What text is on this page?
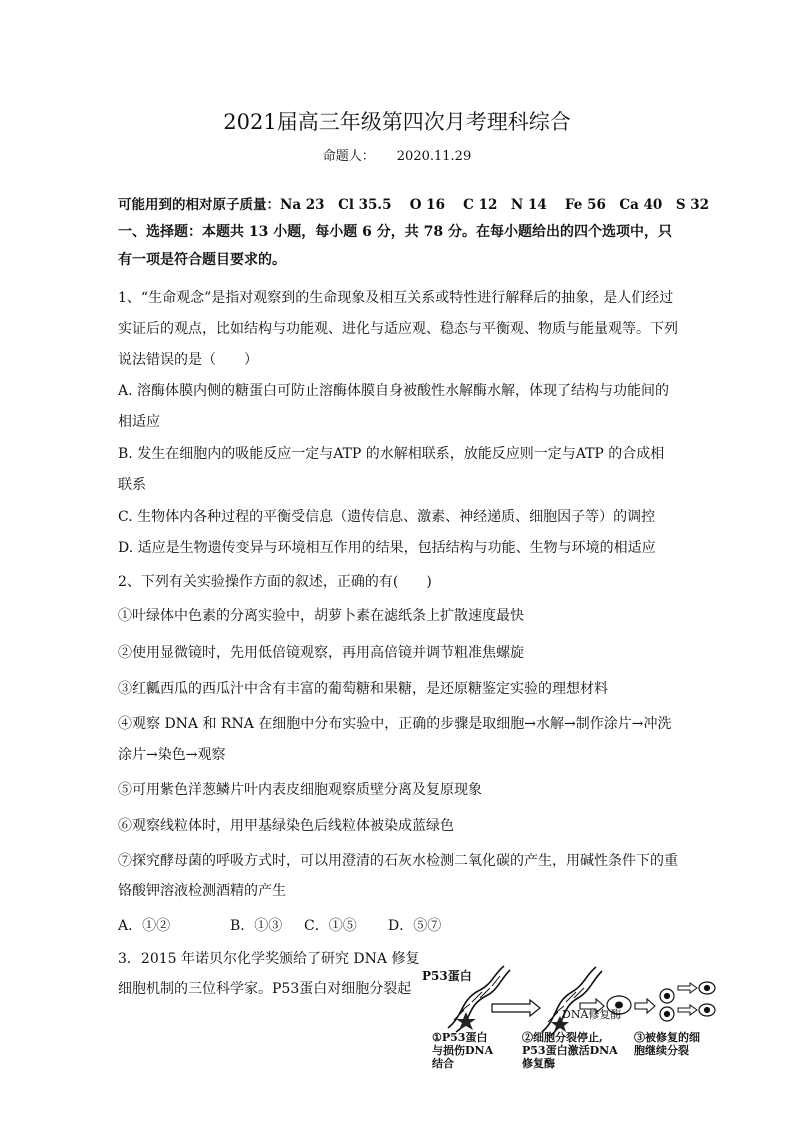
2021届高三年级第四次月考理科综合
命题人： 2020.11.29
可能用到的相对原子质量：Na 23　Cl 35.5　 O 16　 C 12　N 14　 Fe 56　Ca 40　S 32
一、选择题：本题共 13 小题，每小题 6 分，共 78 分。在每小题给出的四个选项中，只
有一项是符合题目要求的。
1、“生命观念”是指对观察到的生命现象及相互关系或特性进行解释后的抽象，是人们经过
实证后的观点，比如结构与功能观、进化与适应观、稳态与平衡观、物质与能量观等。下列
说法错误的是（　　）
A. 溶酶体膜内侧的糖蛋白可防止溶酶体膜自身被酸性水解酶水解，体现了结构与功能间的
相适应
B. 发生在细胞内的吸能反应一定与ATP 的水解相联系，放能反应则一定与ATP 的合成相
联系
C. 生物体内各种过程的平衡受信息（遗传信息、激素、神经递质、细胞因子等）的调控
D. 适应是生物遗传变异与环境相互作用的结果，包括结构与功能、生物与环境的相适应
2、下列有关实验操作方面的叙述，正确的有(　　)
①叶绿体中色素的分离实验中，胡萝卜素在滤纸条上扩散速度最快
②使用显微镜时，先用低倍镜观察，再用高倍镜并调节粗准焦螺旋
③红瓤西瓜的西瓜汁中含有丰富的葡萄糖和果糖，是还原糖鉴定实验的理想材料
④观察 DNA 和 RNA 在细胞中分布实验中，正确的步骤是取细胞→水解→制作涂片→冲洗
涂片→染色→观察
⑤可用紫色洋葱鳞片叶内表皮细胞观察质壁分离及复原现象
⑥观察线粒体时，用甲基绿染色后线粒体被染成蓝绿色
⑦探究酵母菌的呼吸方式时，可以用澄清的石灰水检测二氧化碳的产生，用碱性条件下的重
铬酸钾溶液检测酒精的产生
A．①②	B．①③ C．①⑤ D．⑤⑦
3．2015 年诺贝尔化学奖颁给了研究 DNA 修复
细胞机制的三位科学家。P53蛋白对细胞分裂起
P53蛋白
DNA修复酶
①P53蛋白
与损伤DNA
结合
②细胞分裂停止,
P53蛋白激活DNA
修复酶
③被修复的细
胞继续分裂
